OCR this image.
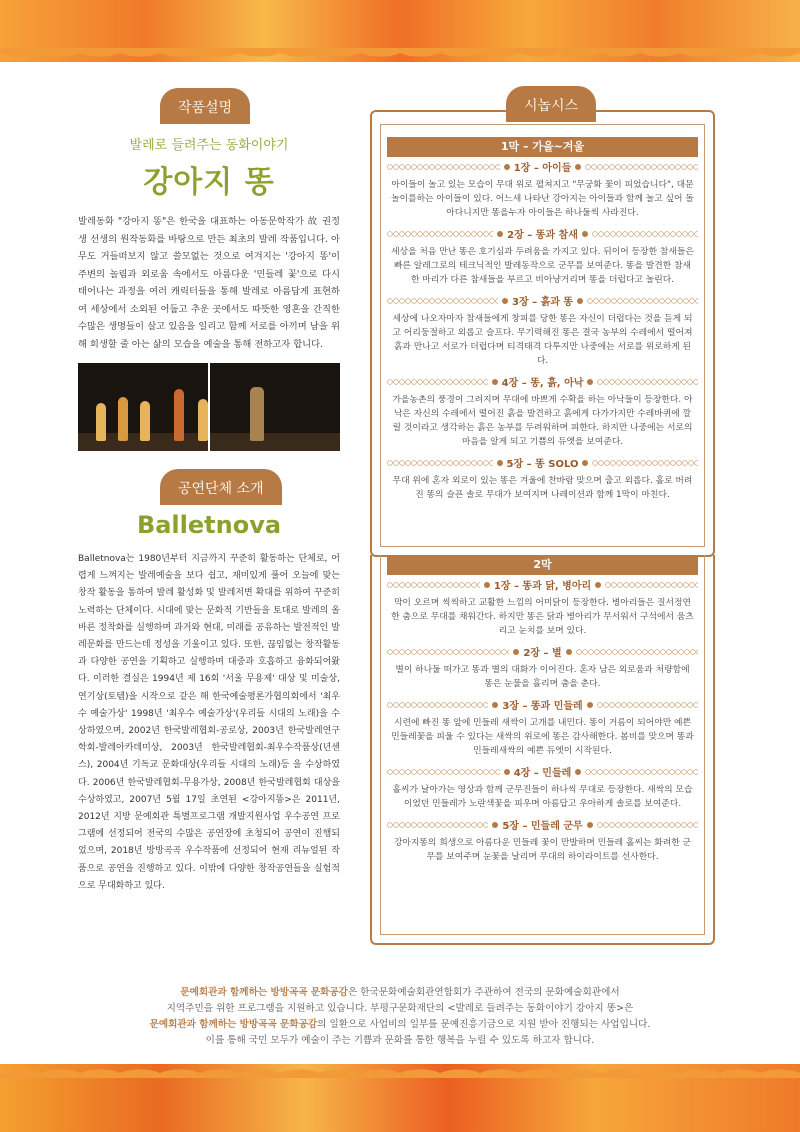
작품설명
발레로 들려주는 동화이야기
강아지 똥

발레동화 "강아지 똥"은 한국을 대표하는 아동문학작가 故 권정생 선생의 원작동화를 바탕으로 만든 최초의 발레 작품입니다. 아무도 거들떠보지 않고 쓸모없는 것으로 여겨지는 '강아지 똥'이 주변의 놀림과 외로움 속에서도 아름다운 '민들레 꽃'으로 다시 태어나는 과정을 여러 캐릭터들을 통해 발레로 아름답게 표현하여 세상에서 소외된 어둡고 추운 곳에서도 따뜻한 영혼을 간직한 수많은 생명들이 살고 있음을 일리고 함께 서로를 아끼며 남을 위해 희생할 줄 아는 삶의 모습을 예술을 통해 전하고자 합니다.

공연단체 소개
Balletnova

Balletnova는 1980년부터 지금까지 꾸준히 활동하는 단체로, 어렵게 느껴지는 발레예술을 보다 쉽고, 재미있게 풀어 오늘에 맞는 창작 활동을 통하여 발레 활성화 및 발레저변 확대를 위하여 꾸준히 노력하는 단체이다. 시대에 맞는 문화적 기반들을 토대로 발레의 올바른 정착화를 실행하며 과거와 현대, 미래를 공유하는 발전적인 발레문화를 만드는데 정성을 기울이고 있다. 또한, 끊임없는 창작활동과 다양한 공연을 기획하고 실행하며 대중과 호흡하고 융화되어왔다. 이러한 결실은 1994년 제 16회 '서울 무용제' 대상 및 미술상, 연기상(토템)을 시작으로 같은 해 한국예술평론가협의회에서 '최우수 예술가상' 1998년 '최우수 예술가상'(우리들 시대의 노래)을 수상하였으며, 2002년 한국발레협회-공로상, 2003년 한국발레연구학회-발레아카데미상, 2003년 한국발레협회-최우수작품상(년센스), 2004년 기독교 문화대상(우리들 시대의 노래)등 을 수상하였다. 2006년 한국발레협회-무용가상, 2008년 한국발레협회 대상을 수상하였고, 2007년 5월 17일 초연된 <강아지똥>은 2011년, 2012년 지방 문예회관 특별프로그램 개발지원사업 우수공연 프로그램에 선정되어 전국의 수많은 공연장에 초청되어 공연이 진행되었으며, 2018년 방방곡곡 우수작품에 선정되어 현재 리뉴얼된 작품으로 공연을 진행하고 있다. 이밖에 다양한 창작공연들을 실험적으로 무대화하고 있다.

시놉시스
1막 – 가을~겨울
1장 – 아이들
아이들이 놀고 있는 모습이 무대 위로 펼쳐지고 "무궁화 꽃이 피었습니다", 대문놀이를하는 아이들이 있다. 어느새 나타난 강아지는 아이들과 함께 놀고 싶어 돌아다니지만 똥을누자 아이들은 하나둘씩 사라진다.
2장 – 똥과 참새
세상을 처음 만난 똥은 호기심과 두려움을 가지고 있다. 뒤이어 등장한 참새들은 빠른 알레그로의 테크닉적인 발레동작으로 군무를 보여준다. 똥을 발견한 참새 한 마리가 다른 참새들을 부르고 비아냥거리며 똥을 더럽다고 놀린다.
3장 – 흙과 똥
세상에 나오자마자 참새들에게 창피를 당한 똥은 자신이 더럽다는 것을 듣게 되고 어리둥절하고 외롭고 슬프다. 무기력해진 똥은 결국 농부의 수레에서 떨어져 흙과 만나고 서로가 더럽다며 티격태격 다투지만 나중에는 서로를 위로하게 된다.
4장 – 똥, 흙, 아낙
가을농촌의 풍경이 그려지며 무대에 바쁘게 수확을 하는 아낙들이 등장한다. 아낙은 자신의 수레에서 떨어진 흙을 발견하고 흙에게 다가가지만 수레바퀴에 깔릴 것이라고 생각하는 흙은 농부를 두려워하며 피한다. 하지만 나중에는 서로의 마음을 알게 되고 기쁨의 듀엣을 보여준다.
5장 – 똥 SOLO
무대 위에 혼자 외로이 있는 똥은 겨울에 찬바람 맞으며 춥고 외롭다. 홀로 버려진 똥의 슬픈 솔로 무대가 보여지며 나레이션과 함께 1막이 마친다.
2막
1장 – 똥과 닭, 병아리
막이 오르며 씩씩하고 교활한 느낌의 어미닭이 등장한다. 병아리들은 질서정연한 춤으로 무대를 채워간다. 하지만 똥은 닭과 병아리가 무서워서 구석에서 움츠리고 눈치를 보며 있다.
2장 – 별
별이 하나둘 떠가고 똥과 별의 대화가 이어진다. 혼자 남은 외로움과 처량함에 똥은 눈물을 흘리며 춤을 춘다.
3장 – 똥과 민들레
시련에 빠진 똥 앞에 민들레 새싹이 고개를 내민다. 똥이 거름이 되어야만 예쁜 민들레꽃을 피울 수 있다는 새싹의 위로에 똥은 감사해한다. 봄비를 맞으며 똥과 민들레새싹의 예쁜 듀엣이 시작된다.
4장 – 민들레
홀씨가 날아가는 영상과 함께 군무진들이 하나씩 무대로 등장한다. 새싹의 모습이었던 민들레가 노란색꽃을 피우며 아름답고 우아하게 솔로를 보여준다.
5장 – 민들레 군무
강아지똥의 희생으로 아름다운 민들레 꽃이 만발하며 민들레 홀씨는 화려한 군무를 보여주며 눈꽃을 날리며 무대의 하이라이트를 선사한다.
문예회관과 함께하는 방방곡곡 문화공감은 한국문화예술회관연합회가 주관하여 전국의 문화예술회관에서
지역주민을 위한 프로그램을 지원하고 있습니다. 부평구문화재단의 <발레로 들려주는 동화이야기 강아지 똥>은
문예회관과 함께하는 방방곡곡 문화공감의 일환으로 사업비의 일부를 문예진흥기금으로 지원 받아 진행되는 사업입니다.
이를 통해 국민 모두가 예술이 주는 기쁨과 문화를 통한 행복을 누릴 수 있도록 하고자 합니다.
